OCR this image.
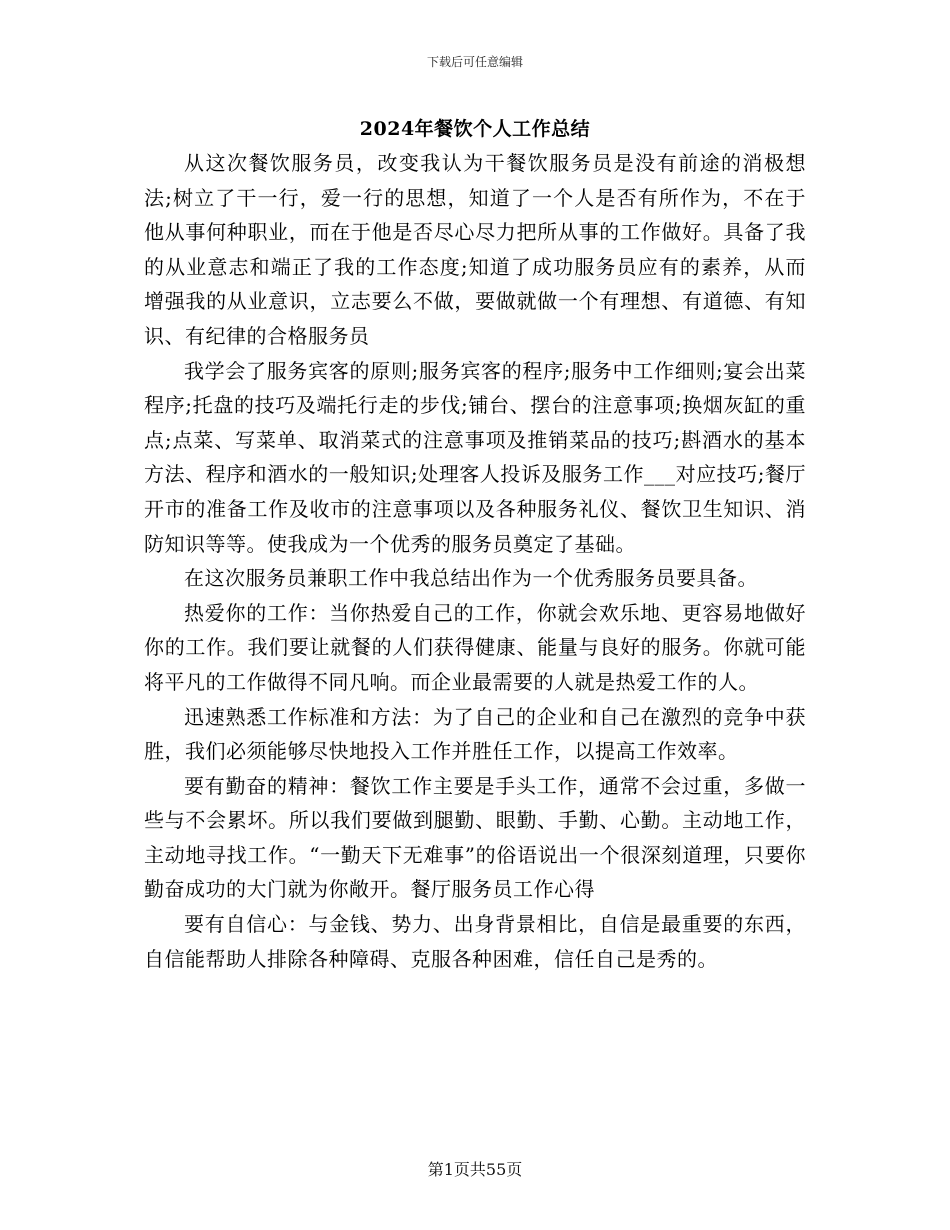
下载后可任意编辑
2024年餐饮个人工作总结

从这次餐饮服务员，改变我认为干餐饮服务员是没有前途的消极想法;树立了干一行，爱一行的思想，知道了一个人是否有所作为，不在于他从事何种职业，而在于他是否尽心尽力把所从事的工作做好。具备了我的从业意志和端正了我的工作态度;知道了成功服务员应有的素养，从而增强我的从业意识，立志要么不做，要做就做一个有理想、有道德、有知识、有纪律的合格服务员

我学会了服务宾客的原则;服务宾客的程序;服务中工作细则;宴会出菜程序;托盘的技巧及端托行走的步伐;铺台、摆台的注意事项;换烟灰缸的重点;点菜、写菜单、取消菜式的注意事项及推销菜品的技巧;斟酒水的基本方法、程序和酒水的一般知识;处理客人投诉及服务工作___对应技巧;餐厅开市的准备工作及收市的注意事项以及各种服务礼仪、餐饮卫生知识、消防知识等等。使我成为一个优秀的服务员奠定了基础。

在这次服务员兼职工作中我总结出作为一个优秀服务员要具备。

热爱你的工作：当你热爱自己的工作，你就会欢乐地、更容易地做好你的工作。我们要让就餐的人们获得健康、能量与良好的服务。你就可能将平凡的工作做得不同凡响。而企业最需要的人就是热爱工作的人。

迅速熟悉工作标准和方法：为了自己的企业和自己在激烈的竞争中获胜，我们必须能够尽快地投入工作并胜任工作，以提高工作效率。

要有勤奋的精神：餐饮工作主要是手头工作，通常不会过重，多做一些与不会累坏。所以我们要做到腿勤、眼勤、手勤、心勤。主动地工作，主动地寻找工作。“一勤天下无难事”的俗语说出一个很深刻道理，只要你勤奋成功的大门就为你敞开。餐厅服务员工作心得

要有自信心：与金钱、势力、出身背景相比，自信是最重要的东西，自信能帮助人排除各种障碍、克服各种困难，信任自己是秀的。

第1页共55页
